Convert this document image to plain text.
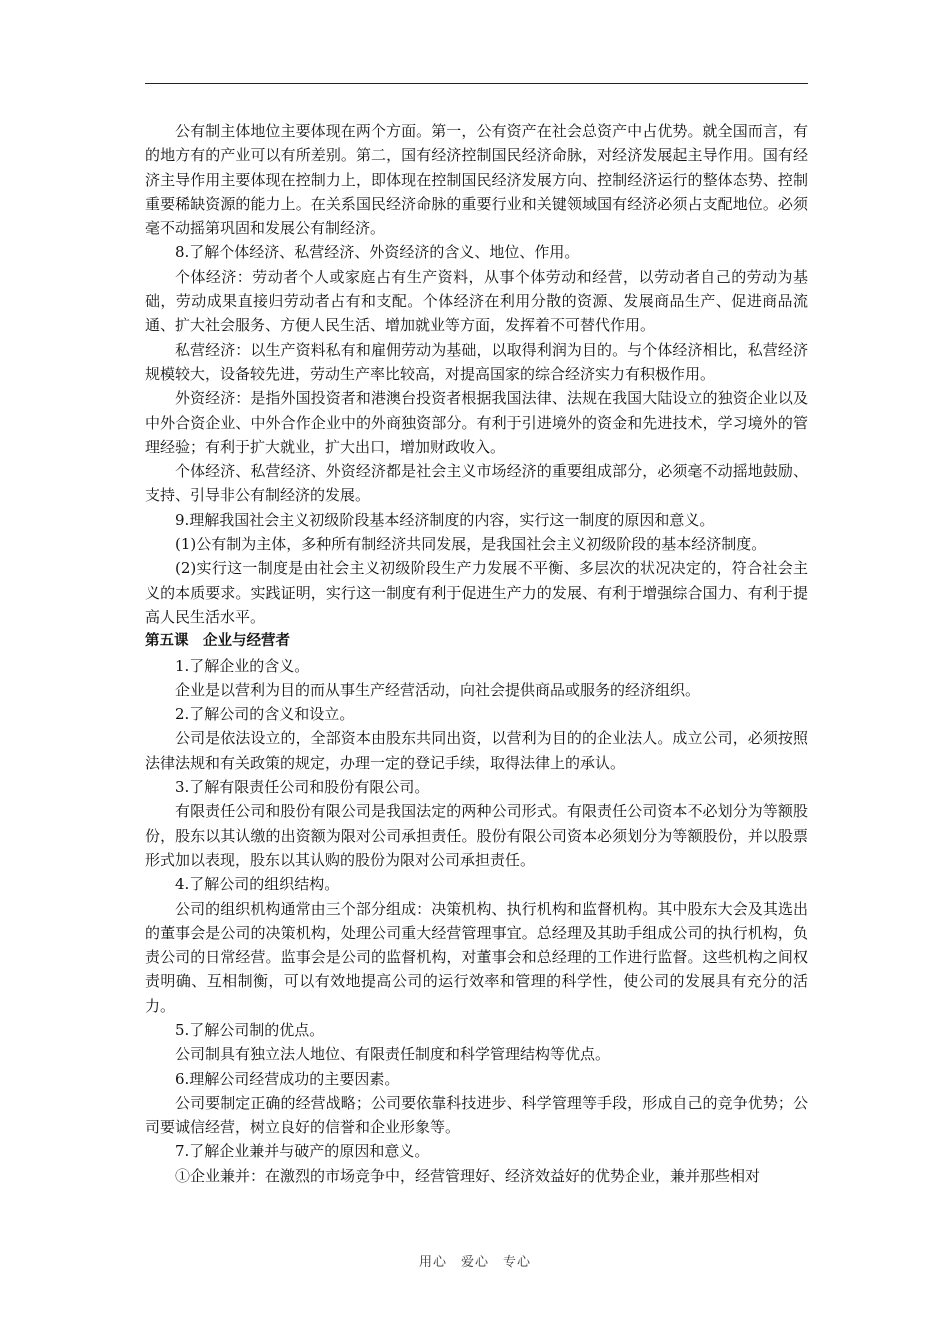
公有制主体地位主要体现在两个方面。第一，公有资产在社会总资产中占优势。就全国而言，有的地方有的产业可以有所差别。第二，国有经济控制国民经济命脉，对经济发展起主导作用。国有经济主导作用主要体现在控制力上，即体现在控制国民经济发展方向、控制经济运行的整体态势、控制重要稀缺资源的能力上。在关系国民经济命脉的重要行业和关键领域国有经济必须占支配地位。必须毫不动摇第巩固和发展公有制经济。

8.了解个体经济、私营经济、外资经济的含义、地位、作用。

个体经济：劳动者个人或家庭占有生产资料，从事个体劳动和经营，以劳动者自己的劳动为基础，劳动成果直接归劳动者占有和支配。个体经济在利用分散的资源、发展商品生产、促进商品流通、扩大社会服务、方便人民生活、增加就业等方面，发挥着不可替代作用。

私营经济：以生产资料私有和雇佣劳动为基础，以取得利润为目的。与个体经济相比，私营经济规模较大，设备较先进，劳动生产率比较高，对提高国家的综合经济实力有积极作用。

外资经济：是指外国投资者和港澳台投资者根据我国法律、法规在我国大陆设立的独资企业以及中外合资企业、中外合作企业中的外商独资部分。有利于引进境外的资金和先进技术，学习境外的管理经验；有利于扩大就业，扩大出口，增加财政收入。

个体经济、私营经济、外资经济都是社会主义市场经济的重要组成部分，必须毫不动摇地鼓励、支持、引导非公有制经济的发展。

9.理解我国社会主义初级阶段基本经济制度的内容，实行这一制度的原因和意义。

(1)公有制为主体，多种所有制经济共同发展，是我国社会主义初级阶段的基本经济制度。

(2)实行这一制度是由社会主义初级阶段生产力发展不平衡、多层次的状况决定的，符合社会主义的本质要求。实践证明，实行这一制度有利于促进生产力的发展、有利于增强综合国力、有利于提高人民生活水平。

第五课　企业与经营者

1.了解企业的含义。

企业是以营利为目的而从事生产经营活动，向社会提供商品或服务的经济组织。

2.了解公司的含义和设立。

公司是依法设立的，全部资本由股东共同出资，以营利为目的的企业法人。成立公司，必须按照法律法规和有关政策的规定，办理一定的登记手续，取得法律上的承认。

3.了解有限责任公司和股份有限公司。

有限责任公司和股份有限公司是我国法定的两种公司形式。有限责任公司资本不必划分为等额股份，股东以其认缴的出资额为限对公司承担责任。股份有限公司资本必须划分为等额股份，并以股票形式加以表现，股东以其认购的股份为限对公司承担责任。

4.了解公司的组织结构。

公司的组织机构通常由三个部分组成：决策机构、执行机构和监督机构。其中股东大会及其选出的董事会是公司的决策机构，处理公司重大经营管理事宜。总经理及其助手组成公司的执行机构，负责公司的日常经营。监事会是公司的监督机构，对董事会和总经理的工作进行监督。这些机构之间权责明确、互相制衡，可以有效地提高公司的运行效率和管理的科学性，使公司的发展具有充分的活力。

5.了解公司制的优点。

公司制具有独立法人地位、有限责任制度和科学管理结构等优点。

6.理解公司经营成功的主要因素。

公司要制定正确的经营战略；公司要依靠科技进步、科学管理等手段，形成自己的竞争优势；公司要诚信经营，树立良好的信誉和企业形象等。

7.了解企业兼并与破产的原因和意义。

①企业兼并：在激烈的市场竞争中，经营管理好、经济效益好的优势企业，兼并那些相对

用心　爱心　专心
